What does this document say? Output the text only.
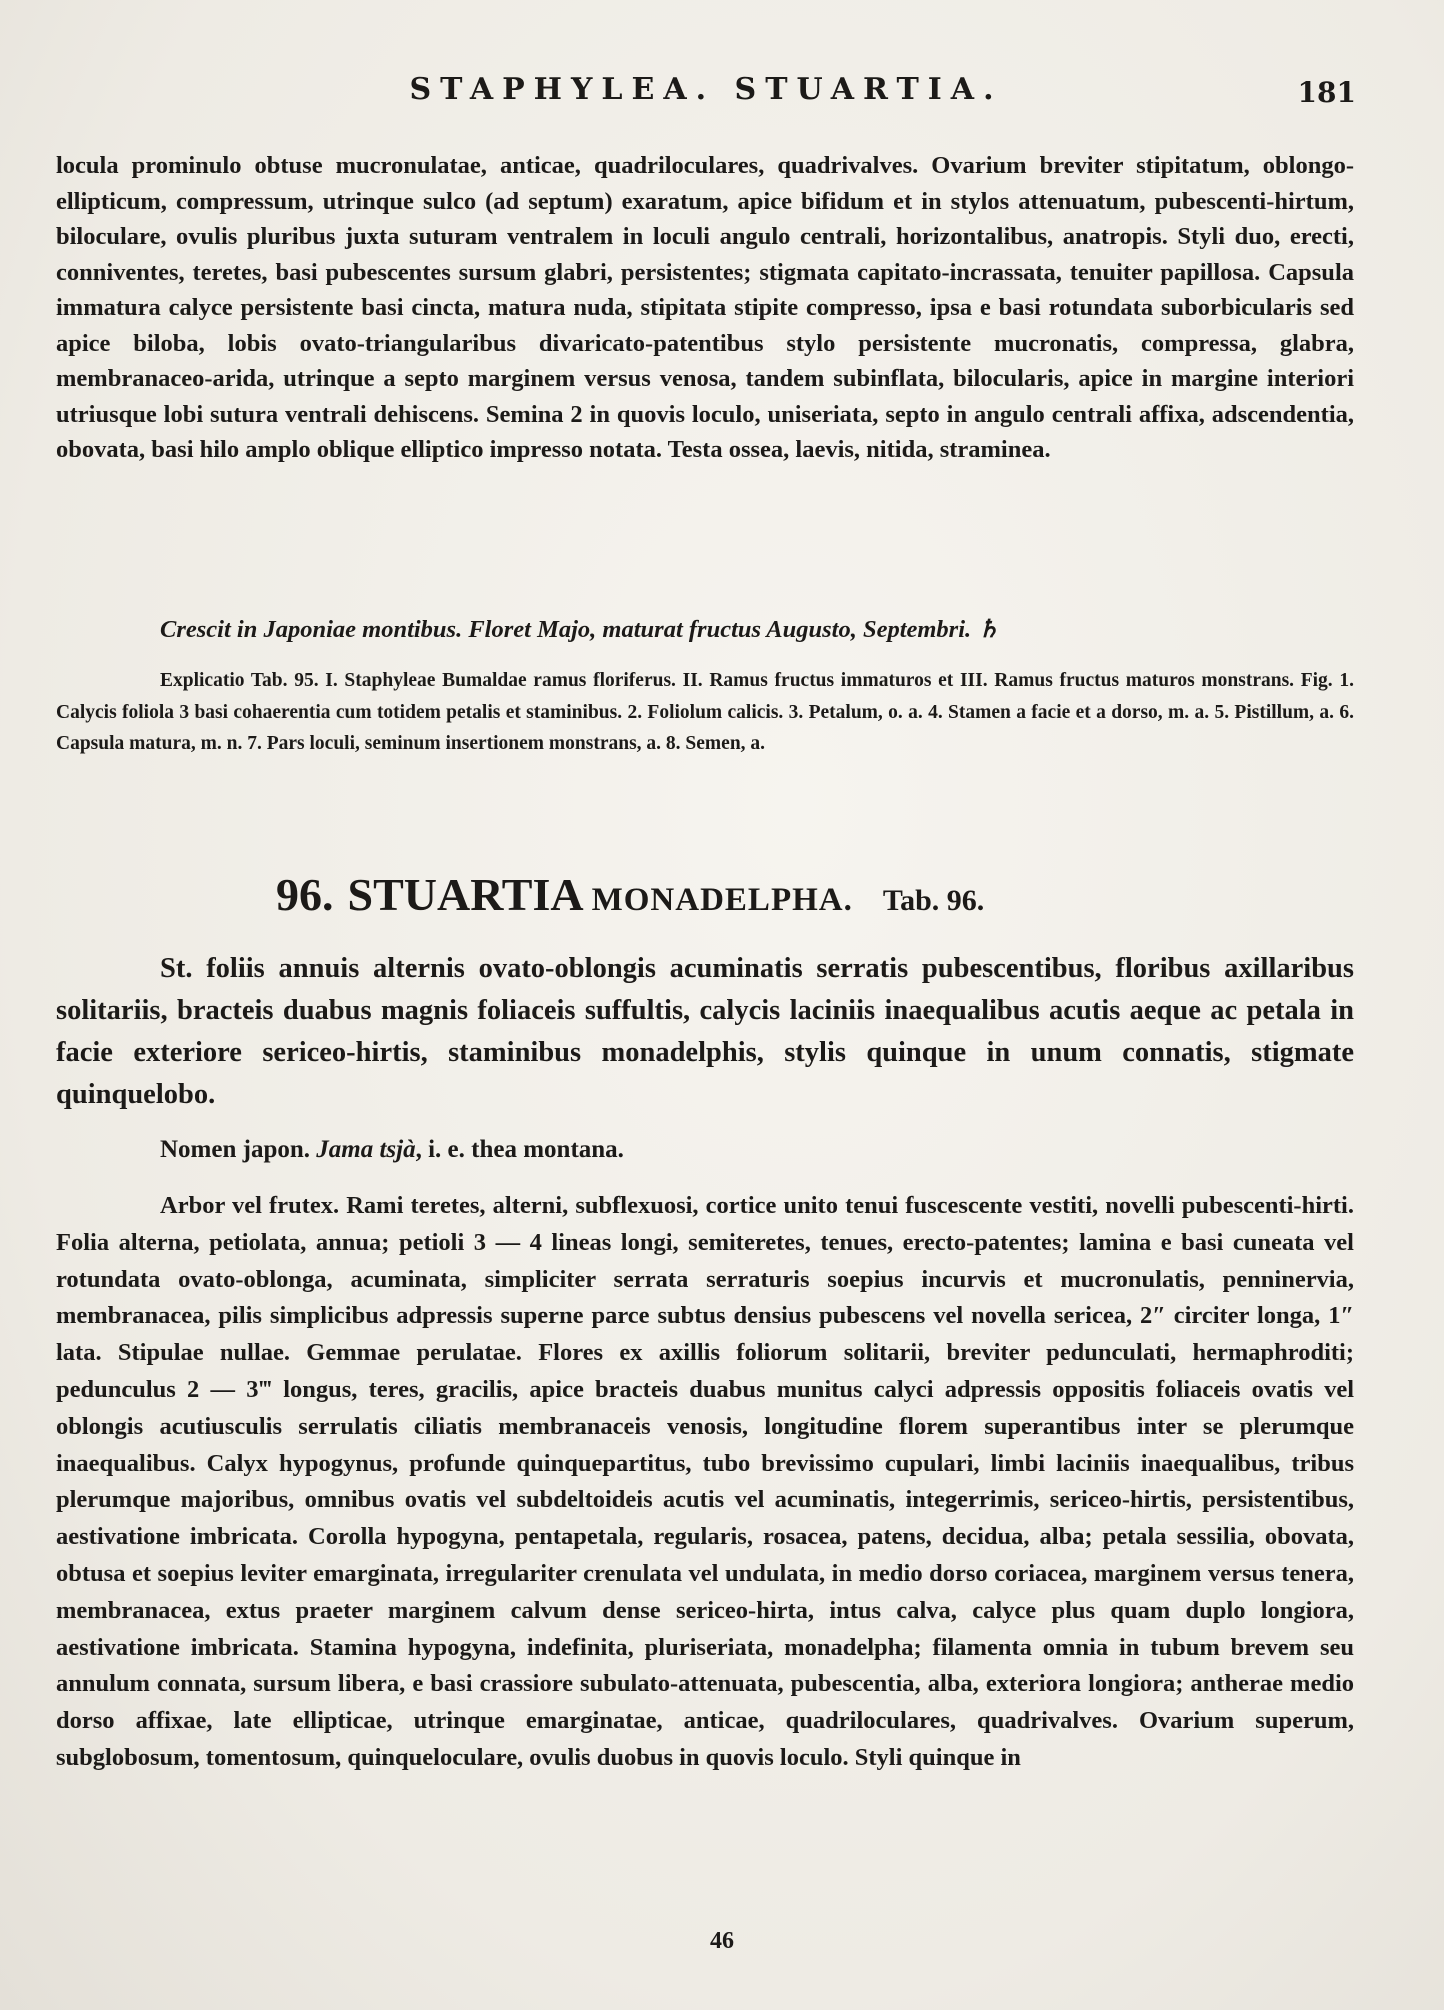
STAPHYLEA. STUARTIA.	181

locula prominulo obtuse mucronulatae, anticae, quadriloculares, quadrivalves. Ovarium breviter stipitatum, oblongo-ellipticum, compressum, utrinque sulco (ad septum) exaratum, apice bifidum et in stylos attenuatum, pubescenti-hirtum, biloculare, ovulis pluribus juxta suturam ventralem in loculi angulo centrali, horizontalibus, anatropis. Styli duo, erecti, conniventes, teretes, basi pubescentes sursum glabri, persistentes; stigmata capitato-incrassata, tenuiter papillosa. Capsula immatura calyce persistente basi cincta, matura nuda, stipitata stipite compresso, ipsa e basi rotundata suborbicularis sed apice biloba, lobis ovato-triangularibus divaricato-patentibus stylo persistente mucronatis, compressa, glabra, membranaceo-arida, utrinque a septo marginem versus venosa, tandem subinflata, bilocularis, apice in margine interiori utriusque lobi sutura ventrali dehiscens. Semina 2 in quovis loculo, uniseriata, septo in angulo centrali affixa, adscendentia, obovata, basi hilo amplo oblique elliptico impresso notata. Testa ossea, laevis, nitida, straminea.

Crescit in Japoniae montibus. Floret Majo, maturat fructus Augusto, Septembri. ♄

Explicatio Tab. 95. I. Staphyleae Bumaldae ramus floriferus. II. Ramus fructus immaturos et III. Ramus fructus maturos monstrans. Fig. 1. Calycis foliola 3 basi cohaerentia cum totidem petalis et staminibus. 2. Foliolum calicis. 3. Petalum, o. a. 4. Stamen a facie et a dorso, m. a. 5. Pistillum, a. 6. Capsula matura, m. n. 7. Pars loculi, seminum insertionem monstrans, a. 8. Semen, a.

96. STUARTIA MONADELPHA. Tab. 96.

St. foliis annuis alternis ovato-oblongis acuminatis serratis pubescentibus, floribus axillaribus solitariis, bracteis duabus magnis foliaceis suffultis, calycis laciniis inaequalibus acutis aeque ac petala in facie exteriore sericeo-hirtis, staminibus monadelphis, stylis quinque in unum connatis, stigmate quinquelobo.

Nomen japon. Jama tsjà, i. e. thea montana.

Arbor vel frutex. Rami teretes, alterni, subflexuosi, cortice unito tenui fuscescente vestiti, novelli pubescenti-hirti. Folia alterna, petiolata, annua; petioli 3 — 4 lineas longi, semiteretes, tenues, erecto-patentes; lamina e basi cuneata vel rotundata ovato-oblonga, acuminata, simpliciter serrata serraturis soepius incurvis et mucronulatis, penninervia, membranacea, pilis simplicibus adpressis superne parce subtus densius pubescens vel novella sericea, 2″ circiter longa, 1″ lata. Stipulae nullae. Gemmae perulatae. Flores ex axillis foliorum solitarii, breviter pedunculati, hermaphroditi; pedunculus 2 — 3‴ longus, teres, gracilis, apice bracteis duabus munitus calyci adpressis oppositis foliaceis ovatis vel oblongis acutiusculis serrulatis ciliatis membranaceis venosis, longitudine florem superantibus inter se plerumque inaequalibus. Calyx hypogynus, profunde quinquepartitus, tubo brevissimo cupulari, limbi laciniis inaequalibus, tribus plerumque majoribus, omnibus ovatis vel subdeltoideis acutis vel acuminatis, integerrimis, sericeo-hirtis, persistentibus, aestivatione imbricata. Corolla hypogyna, pentapetala, regularis, rosacea, patens, decidua, alba; petala sessilia, obovata, obtusa et soepius leviter emarginata, irregulariter crenulata vel undulata, in medio dorso coriacea, marginem versus tenera, membranacea, extus praeter marginem calvum dense sericeo-hirta, intus calva, calyce plus quam duplo longiora, aestivatione imbricata. Stamina hypogyna, indefinita, pluriseriata, monadelpha; filamenta omnia in tubum brevem seu annulum connata, sursum libera, e basi crassiore subulato-attenuata, pubescentia, alba, exteriora longiora; antherae medio dorso affixae, late ellipticae, utrinque emarginatae, anticae, quadriloculares, quadrivalves. Ovarium superum, subglobosum, tomentosum, quinqueloculare, ovulis duobus in quovis loculo. Styli quinque in

46
